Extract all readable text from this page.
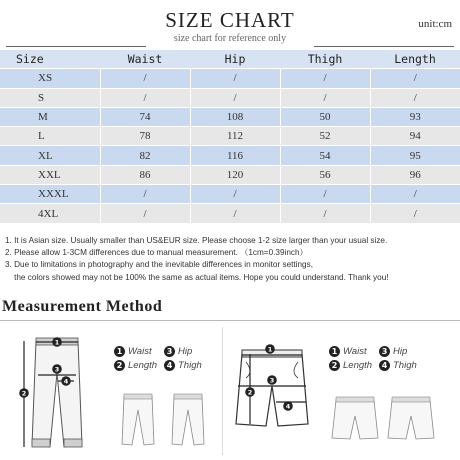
SIZE CHART
size chart for reference only
unit:cm
Size	Waist	Hip	Thigh	Length
XS	/	/	/	/
S	/	/	/	/
M	74	108	50	93
L	78	112	52	94
XL	82	116	54	95
XXL	86	120	56	96
XXXL	/	/	/	/
4XL	/	/	/	/
1. It is Asian size. Usually smaller than US&EUR size. Please choose 1-2 size larger than your usual size.
2. Please allow 1-3CM differences due to manual measurement. （1cm=0.39inch）
3. Due to limitations in photography and the inevitable differences in monitor settings,
the colors showed may not be 100% the same as actual items. Hope you could understand. Thank you!
Measurement Method
1
2
3
4
1 Waist	3 Hip
2 Length	4 Thigh
1
2
3
4
1 Waist	3 Hip
2 Length	4 Thigh
